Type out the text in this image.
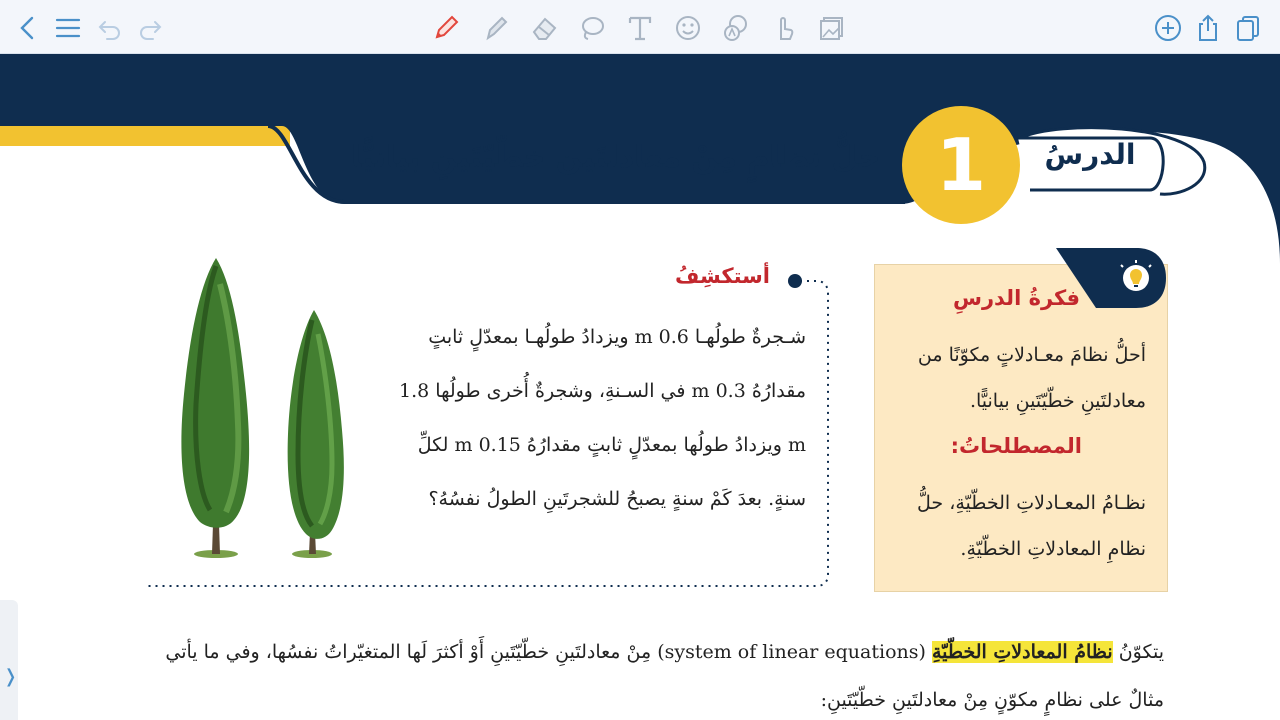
الدرسُ
1
حلُّ نظامٍ مِنْ معادلتَين خطّيّتَينِ بيانيًّا
فكرةُ الدرسِ
أحلُّ نظامَ معـادلاتٍ مكوّنًا من معادلتَينِ خطّيّتَينِ بيانيًّا.
المصطلحاتُ:
نظـامُ المعـادلاتِ الخطّيّةِ، حلُّ نظامِ المعادلاتِ الخطّيّةِ.
أستكشِفُ
شـجرةٌ طولُهـا 0.6 m ويزدادُ طولُهـا بمعدّلٍ ثابتٍ مقدارُهُ 0.3 m في السـنةِ، وشجرةٌ أُخرى طولُها 1.8 m ويزدادُ طولُها بمعدّلٍ ثابتٍ مقدارُهُ 0.15 m لكلِّ سنةٍ. بعدَ كَمْ سنةٍ يصبحُ للشجرتَينِ الطولُ نفسُهُ؟
يتكوّنُ نظامُ المعادلاتِ الخطّيّةِ (system of linear equations) مِنْ معادلتَينِ خطّيّتَينِ أَوْ أكثرَ لَها المتغيّراتُ نفسُها، وفي ما يأتي مثالٌ على نظامٍ مكوّنٍ مِنْ معادلتَينِ خطّيّتَينِ:
❭
